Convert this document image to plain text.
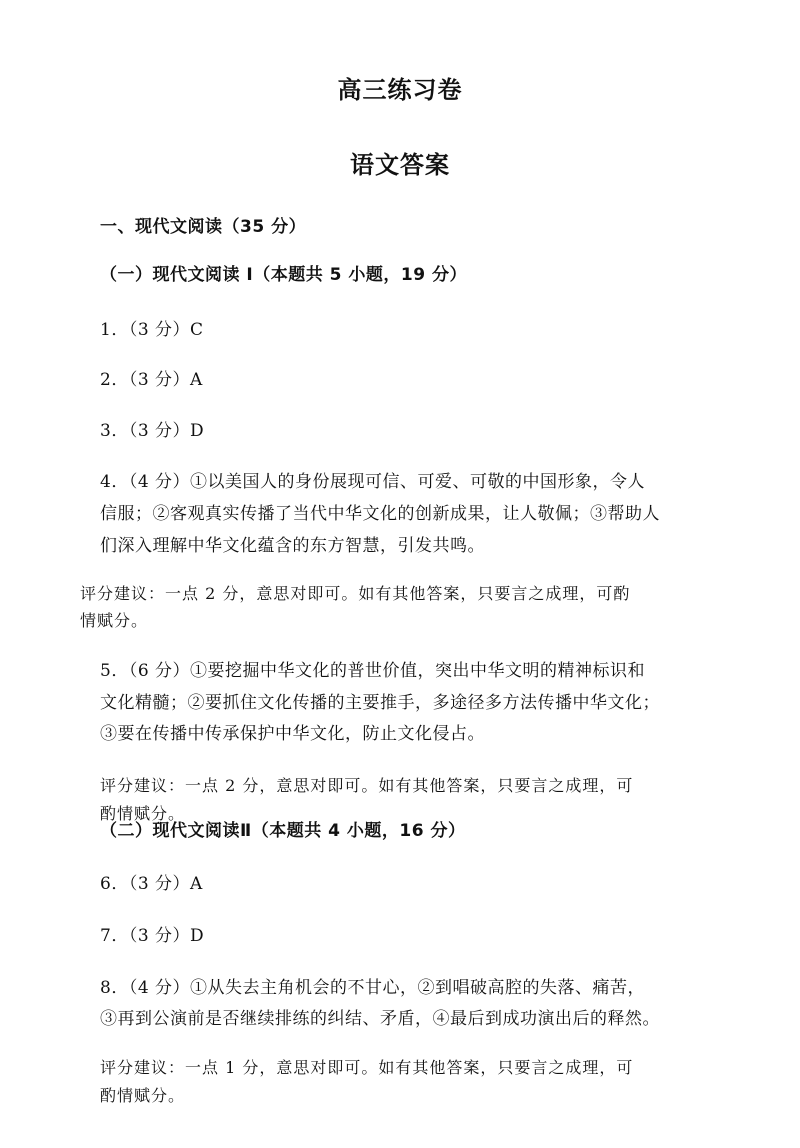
高三练习卷
语文答案
一、现代文阅读（35 分）
（一）现代文阅读 I（本题共 5 小题，19 分）
1．（3 分）C
2．（3 分）A
3．（3 分）D
4．（4 分）①以美国人的身份展现可信、可爱、可敬的中国形象，令人
信服；②客观真实传播了当代中华文化的创新成果，让人敬佩；③帮助人
们深入理解中华文化蕴含的东方智慧，引发共鸣。
评分建议：一点 2 分，意思对即可。如有其他答案，只要言之成理，可酌
情赋分。
5．（6 分）①要挖掘中华文化的普世价值，突出中华文明的精神标识和
文化精髓；②要抓住文化传播的主要推手，多途径多方法传播中华文化；
③要在传播中传承保护中华文化，防止文化侵占。
评分建议：一点 2 分，意思对即可。如有其他答案，只要言之成理，可
酌情赋分。
（二）现代文阅读Ⅱ（本题共 4 小题，16 分）
6．（3 分）A
7．（3 分）D
8．（4 分）①从失去主角机会的不甘心，②到唱破高腔的失落、痛苦，
③再到公演前是否继续排练的纠结、矛盾，④最后到成功演出后的释然。
评分建议：一点 1 分，意思对即可。如有其他答案，只要言之成理，可
酌情赋分。
